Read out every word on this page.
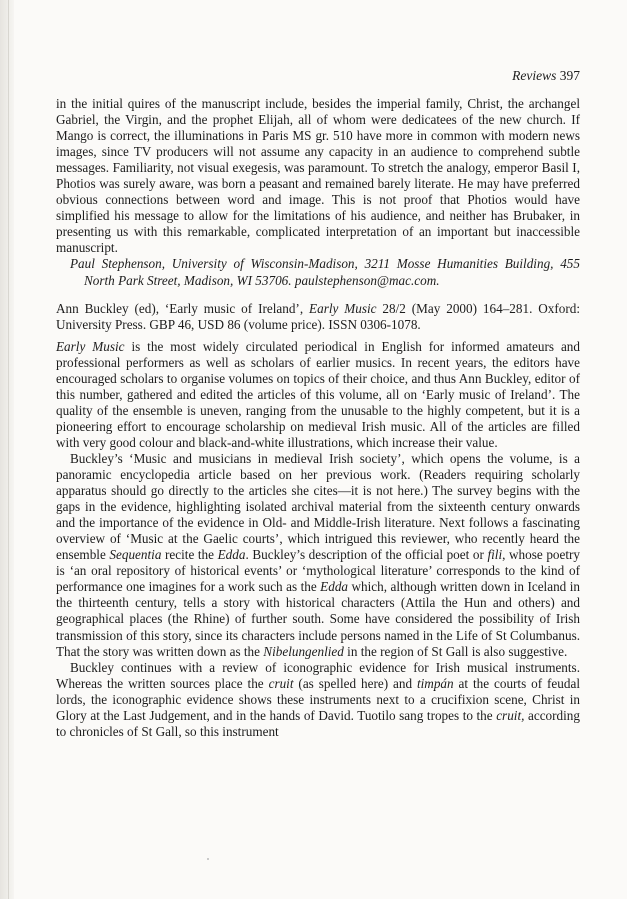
Reviews 397

in the initial quires of the manuscript include, besides the imperial family, Christ, the archangel Gabriel, the Virgin, and the prophet Elijah, all of whom were dedicatees of the new church. If Mango is correct, the illuminations in Paris MS gr. 510 have more in common with modern news images, since TV producers will not assume any capacity in an audience to comprehend subtle messages. Familiarity, not visual exegesis, was paramount. To stretch the analogy, emperor Basil I, Photios was surely aware, was born a peasant and remained barely literate. He may have preferred obvious connections between word and image. This is not proof that Photios would have simplified his message to allow for the limitations of his audience, and neither has Brubaker, in presenting us with this remarkable, complicated interpretation of an important but inaccessible manuscript.

Paul Stephenson, University of Wisconsin-Madison, 3211 Mosse Humanities Building, 455 North Park Street, Madison, WI 53706. paulstephenson@mac.com.

Ann Buckley (ed), ‘Early music of Ireland’, Early Music 28/2 (May 2000) 164–281. Oxford: University Press. GBP 46, USD 86 (volume price). ISSN 0306-1078.

Early Music is the most widely circulated periodical in English for informed amateurs and professional performers as well as scholars of earlier musics. In recent years, the editors have encouraged scholars to organise volumes on topics of their choice, and thus Ann Buckley, editor of this number, gathered and edited the articles of this volume, all on ‘Early music of Ireland’. The quality of the ensemble is uneven, ranging from the unusable to the highly competent, but it is a pioneering effort to encourage scholarship on medieval Irish music. All of the articles are filled with very good colour and black-and-white illustrations, which increase their value.

Buckley’s ‘Music and musicians in medieval Irish society’, which opens the volume, is a panoramic encyclopedia article based on her previous work. (Readers requiring scholarly apparatus should go directly to the articles she cites—it is not here.) The survey begins with the gaps in the evidence, highlighting isolated archival material from the sixteenth century onwards and the importance of the evidence in Old- and Middle-Irish literature. Next follows a fascinating overview of ‘Music at the Gaelic courts’, which intrigued this reviewer, who recently heard the ensemble Sequentia recite the Edda. Buckley’s description of the official poet or fili, whose poetry is ‘an oral repository of historical events’ or ‘mythological literature’ corresponds to the kind of performance one imagines for a work such as the Edda which, although written down in Iceland in the thirteenth century, tells a story with historical characters (Attila the Hun and others) and geographical places (the Rhine) of further south. Some have considered the possibility of Irish transmission of this story, since its characters include persons named in the Life of St Columbanus. That the story was written down as the Nibelungenlied in the region of St Gall is also suggestive.

Buckley continues with a review of iconographic evidence for Irish musical instruments. Whereas the written sources place the cruit (as spelled here) and timpán at the courts of feudal lords, the iconographic evidence shows these instruments next to a crucifixion scene, Christ in Glory at the Last Judgement, and in the hands of David. Tuotilo sang tropes to the cruit, according to chronicles of St Gall, so this instrument
